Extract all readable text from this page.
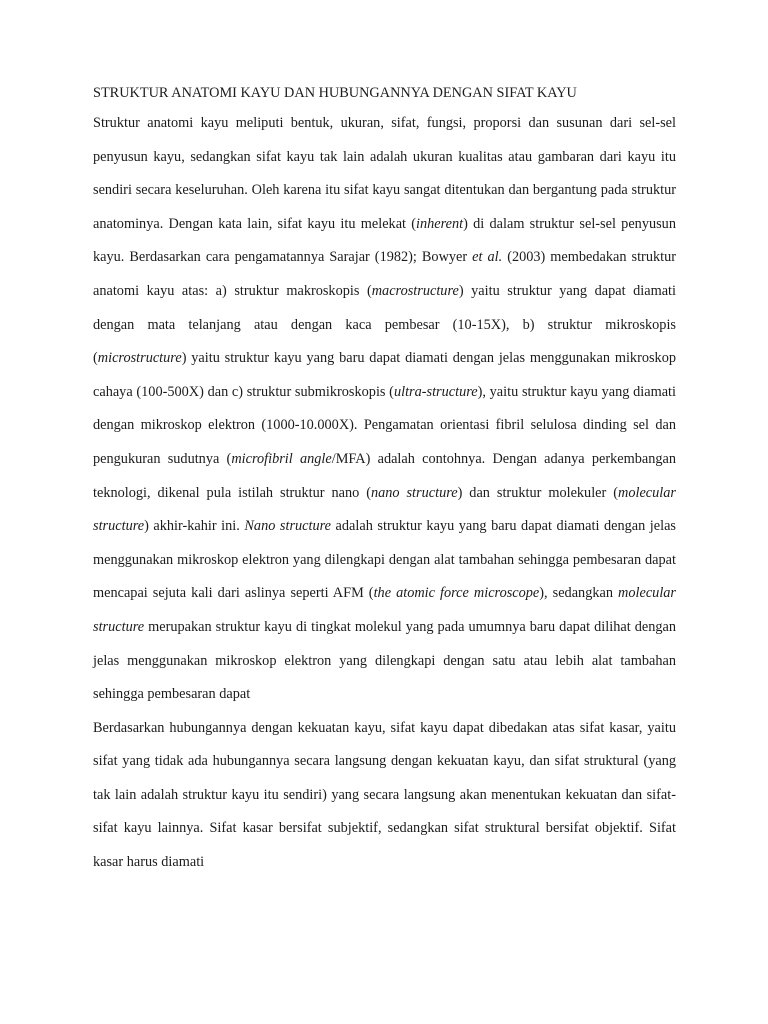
STRUKTUR ANATOMI KAYU DAN HUBUNGANNYA DENGAN SIFAT KAYU

Struktur anatomi kayu meliputi bentuk, ukuran, sifat, fungsi, proporsi dan susunan dari sel-sel penyusun kayu, sedangkan sifat kayu tak lain adalah ukuran kualitas atau gambaran dari kayu itu sendiri secara keseluruhan. Oleh karena itu sifat kayu sangat ditentukan dan bergantung pada struktur anatominya. Dengan kata lain, sifat kayu itu melekat (inherent) di dalam struktur sel-sel penyusun kayu. Berdasarkan cara pengamatannya Sarajar (1982); Bowyer et al. (2003) membedakan struktur anatomi kayu atas: a) struktur makroskopis (macrostructure) yaitu struktur yang dapat diamati dengan mata telanjang atau dengan kaca pembesar (10-15X), b) struktur mikroskopis (microstructure) yaitu struktur kayu yang baru dapat diamati dengan jelas menggunakan mikroskop cahaya (100-500X) dan c) struktur submikroskopis (ultra-structure), yaitu struktur kayu yang diamati dengan mikroskop elektron (1000-10.000X). Pengamatan orientasi fibril selulosa dinding sel dan pengukuran sudutnya (microfibril angle/MFA) adalah contohnya. Dengan adanya perkembangan teknologi, dikenal pula istilah struktur nano (nano structure) dan struktur molekuler (molecular structure) akhir-kahir ini. Nano structure adalah struktur kayu yang baru dapat diamati dengan jelas menggunakan mikroskop elektron yang dilengkapi dengan alat tambahan sehingga pembesaran dapat mencapai sejuta kali dari aslinya seperti AFM (the atomic force microscope), sedangkan molecular structure merupakan struktur kayu di tingkat molekul yang pada umumnya baru dapat dilihat dengan jelas menggunakan mikroskop elektron yang dilengkapi dengan satu atau lebih alat tambahan sehingga pembesaran dapat

Berdasarkan hubungannya dengan kekuatan kayu, sifat kayu dapat dibedakan atas sifat kasar, yaitu sifat yang tidak ada hubungannya secara langsung dengan kekuatan kayu, dan sifat struktural (yang tak lain adalah struktur kayu itu sendiri) yang secara langsung akan menentukan kekuatan dan sifat-sifat kayu lainnya. Sifat kasar bersifat subjektif, sedangkan sifat struktural bersifat objektif. Sifat kasar harus diamati
